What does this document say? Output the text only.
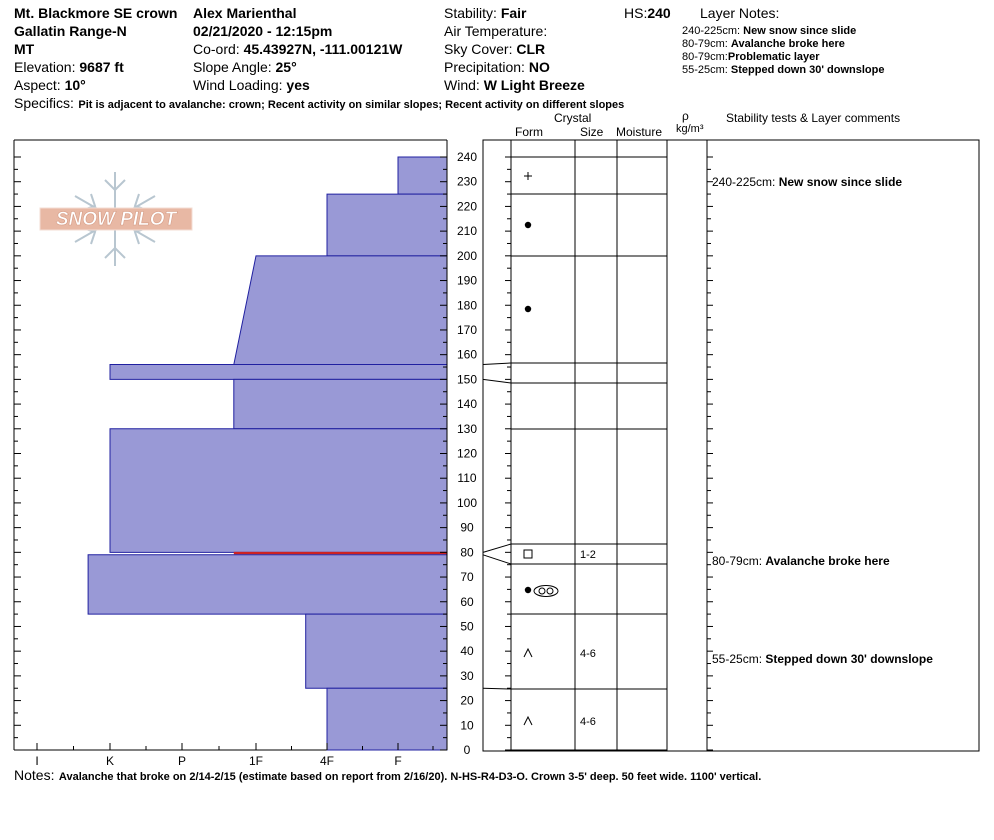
Mt. Blackmore SE crown Alex Marienthal
Gallatin Range-N	02/21/2020 - 12:15pm
MT	Co-ord: 45.43927N, -111.00121W
Elevation: 9687 ft	Slope Angle: 25°
Aspect: 10°	Wind Loading: yes
Stability: Fair	HS:240
Air Temperature:
Sky Cover: CLR
Precipitation: NO
Wind: W Light Breeze
Layer Notes:
240-225cm: New snow since slide
80-79cm: Avalanche broke here
80-79cm:Problematic layer
55-25cm: Stepped down 30' downslope
Specifics: Pit is adjacent to avalanche: crown; Recent activity on similar slopes; Recent activity on different slopes
Crystal
Form	Size Moisture
ρ
kg/m³
Stability tests & Layer comments
SNOW PILOT
I	K	P	1F	4F	F
0
10
20
30
40
50
60
70
80
90
100
110
120
130
140
150
160
170
180
190
200
210
220
230
240
1-2
4-6
4-6
240-225cm: New snow since slide
80-79cm: Avalanche broke here
55-25cm: Stepped down 30' downslope
Notes: Avalanche that broke on 2/14-2/15 (estimate based on report from 2/16/20). N-HS-R4-D3-O. Crown 3-5' deep. 50 feet wide. 1100' vertical.
